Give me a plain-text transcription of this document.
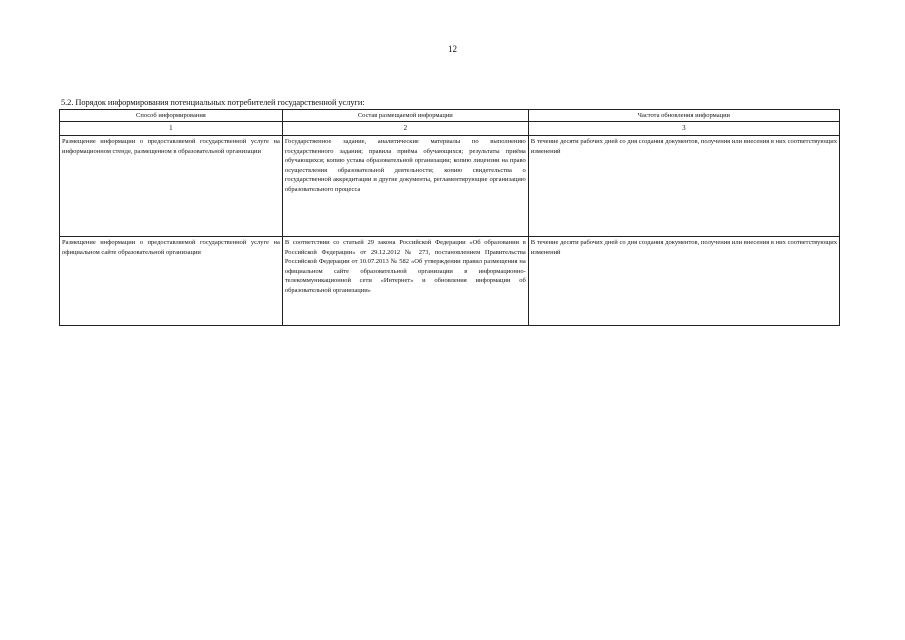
12
5.2. Порядок информирования потенциальных потребителей государственной услуги:
Способ информирования	Состав размещаемой информации	Частота обновления информации
1	2	3
Размещение информации о предоставляемой государственной услуге на информационном стенде, размещенном в образовательной организации	Государственное задание, аналитические материалы по выполнению государственного задания; правила приёма обучающихся; результаты приёма обучающихся; копию устава образовательной организации; копию лицензии на право осуществления образовательной деятельности; копию свидетельства о государственной аккредитации и другие документы, регламентирующие организацию образовательного процесса	В течение десяти рабочих дней со дня создания документов, получения или внесения в них соответствующих изменений
Размещение информации о предоставляемой государственной услуге на официальном сайте образовательной организации	В соответствии со статьей 29 закона Российской Федерации «Об образовании в Российской Федерации» от 29.12.2012 № 273, постановлением Правительства Российской Федерации от 10.07.2013 № 582 «Об утверждении правил размещения на официальном сайте образовательной организации в информационно-телекоммуникационной сети «Интернет» и обновления информации об образовательной организации»	В течение десяти рабочих дней со дня создания документов, получения или внесения в них соответствующих изменений
